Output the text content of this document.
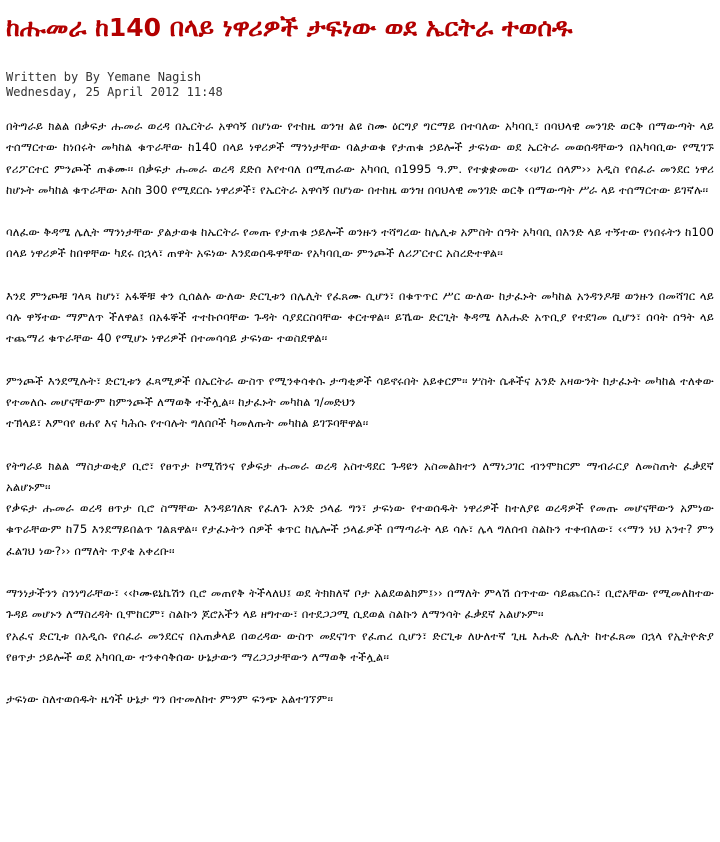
ከሑመራ ከ140 በላይ ነዋሪዎች ታፍነው ወደ ኤርትራ ተወሰዱ
Written by By Yemane Nagish
Wednesday, 25 April 2012 11:48

በትግራይ ክልል በቃፍታ ሑመራ ወረዳ በኤርትራ አዋሳኝ በሆነው የተከዜ ወንዝ ልዩ ስሙ ዕርግያ ግርማይ በተባለው አካባቢ፣ በባህላዊ መንገድ ወርቅ በማውጣት ላይ ተሰማርተው ከነበሩት መካከል ቁጥራቸው ከ140 በላይ ነዋሪዎች ማንነታቸው ባልታወቁ የታጠቁ ኃይሎች ታፍነው ወደ ኤርትራ መወሰዳቸውን በአካባቢው የሚገኙ የሪፖርተር ምንጮች ጠቆሙ፡፡ በቃፍታ ሑመራ ወረዳ ደድሰ እየተባለ በሚጠራው አካባቢ በ1995 ዓ.ም. የተቋቋመው ‹‹ሀገረ ሰላም›› አዲስ የሰፈራ መንደር ነዋሪ ከሆኑት መካከል ቁጥራቸው እስከ 300 የሚደርሱ ነዋሪዎች፣ የኤርትራ አዋሳኝ በሆነው በተከዜ ወንዝ በባህላዊ መንገድ ወርቅ በማውጣት ሥራ ላይ ተሰማርተው ይገኛሉ፡፡

ባለፈው ቅዳሜ ሌሊት ማንነታቸው ያልታወቁ ከኤርትራ የመጡ የታጠቁ ኃይሎች ወንዙን ተሻግረው ከሌሊቱ አምስት ሰዓት አካባቢ በእንድ ላይ ተኝተው የነበሩትን ከ100 በላይ ነዋሪዎች ከበዋቸው ካደሩ በኋላ፣ ጠዋት አፍነው እንደወሰዱዋቸው የአካባቢው ምንጮች ለሪፖርተር አስረድተዋል፡፡

እንደ ምንጮቹ ገላጻ ከሆነ፣ አፋኞቹ ቀን ሲሰልሉ ውለው ድርጊቱን በሌሊት የፈጸሙ ሲሆን፣ በቁጥጥር ሥር ውለው ከታፈኑት መካከል አንዳንዶቹ ወንዙን በመሻገር ላይ ሳሉ ዋኝተው ማምለጥ ችለዋል፤ በአፋኞች ተተኩሶባቸው ጉዳት ሳያደርስባቸው ቀርተዋል፡፡ ይኼው ድርጊት ቅዳሜ ለእሑድ አጥቢያ የተደገመ ሲሆን፣ ሰባት ሰዓት ላይ ተጨማሪ ቁጥራቸው 40 የሚሆኑ ነዋሪዎች በተመሳሳይ ታፍነው ተወስደዋል፡፡

ምንጮች እንደሚሉት፣ ድርጊቱን ፈጻሚዎች በኤርትራ ውስጥ የሚንቀሳቀሱ ታጣቂዎች ሳይኖሩበት አይቀርም፡፡ ሦስት ሴቶችና አንድ አዛውንት ከታፈኑት መካከል ተለቀው የተመለሱ መሆናቸውም ከምንጮች ለማወቅ ተችሏል፡፡ ከታፈኑት መካከል ገ/መድህን
ተኽላይ፣ እምባየ ፀሐየ እና ካሕሱ የተባሉት ግለሰቦች ካመለጡት መካከል ይገኙባቸዋል፡፡

የትግራይ ክልል ማስታወቂያ ቢሮ፣ የፀጥታ ኮሚሽንና የቃፍታ ሑመራ ወረዳ አስተዳደር ጉዳዩን አስመልክተን ለማነጋገር ብንሞክርም ማብራርያ ለመስጠት ፈቃደኛ አልሆኑም፡፡
የቃፍታ ሑመራ ወረዳ ፀጥታ ቢሮ ስማቸው እንዳይገለጽ የፈለጉ አንድ ኃላፊ ግን፣ ታፍነው የተወሰዱት ነዋሪዎች ከተለያዩ ወረዳዎች የመጡ መሆናቸውን አምነው ቁጥራቸውም ከ75 እንደማይበልጥ ገልጸዋል፡፡ የታፈኑትን ሰዎች ቁጥር ከሌሎች ኃላፊዎች በማጣራት ላይ ሳሉ፣ ሌላ ግለሰብ ስልኩን ተቀብለው፣ ‹‹ማን ነህ አንተ? ምን ፈልገህ ነው?›› በማለት ጥያቄ አቀረቡ፡፡

ማንነታችንን ስንነግራቸው፣ ‹‹ኮሙዩኒኬሽን ቢሮ መጠየቅ ትችላለህ፤ ወደ ትክክለኛ ቦታ አልደወልክም፤›› በማለት ምላሽ ሰጥተው ሳይጨርሱ፣ ቢሮአቸው የሚመለከተው ጉዳይ መሆኑን ለማስረዳት ቢሞከርም፣ ስልኩን ጆሮአችን ላይ ዘግተው፣ በተደጋጋሚ ሲደወል ስልኩን ለማንሳት ፈቃደኛ አልሆኑም፡፡
የአፈና ድርጊቱ በአዲሱ የሰፈራ መንደርና በአጠቃላይ በወረዳው ውስጥ መደናገጥ የፈጠረ ሲሆን፣ ድርጊቱ ለሁለተኛ ጊዜ እሑድ ሌሊት ከተፈጸመ በኋላ የኢትዮጵያ የፀጥታ ኃይሎች ወደ አካባቢው ተንቀሳቅሰው ሁኔታውን ማረጋጋታቸውን ለማወቅ ተችሏል፡፡

ታፍነው ስለተወሰዱት ዜጎች ሁኔታ ግን በተመለከተ ምንም ፍንጭ አልተገኘም፡፡
